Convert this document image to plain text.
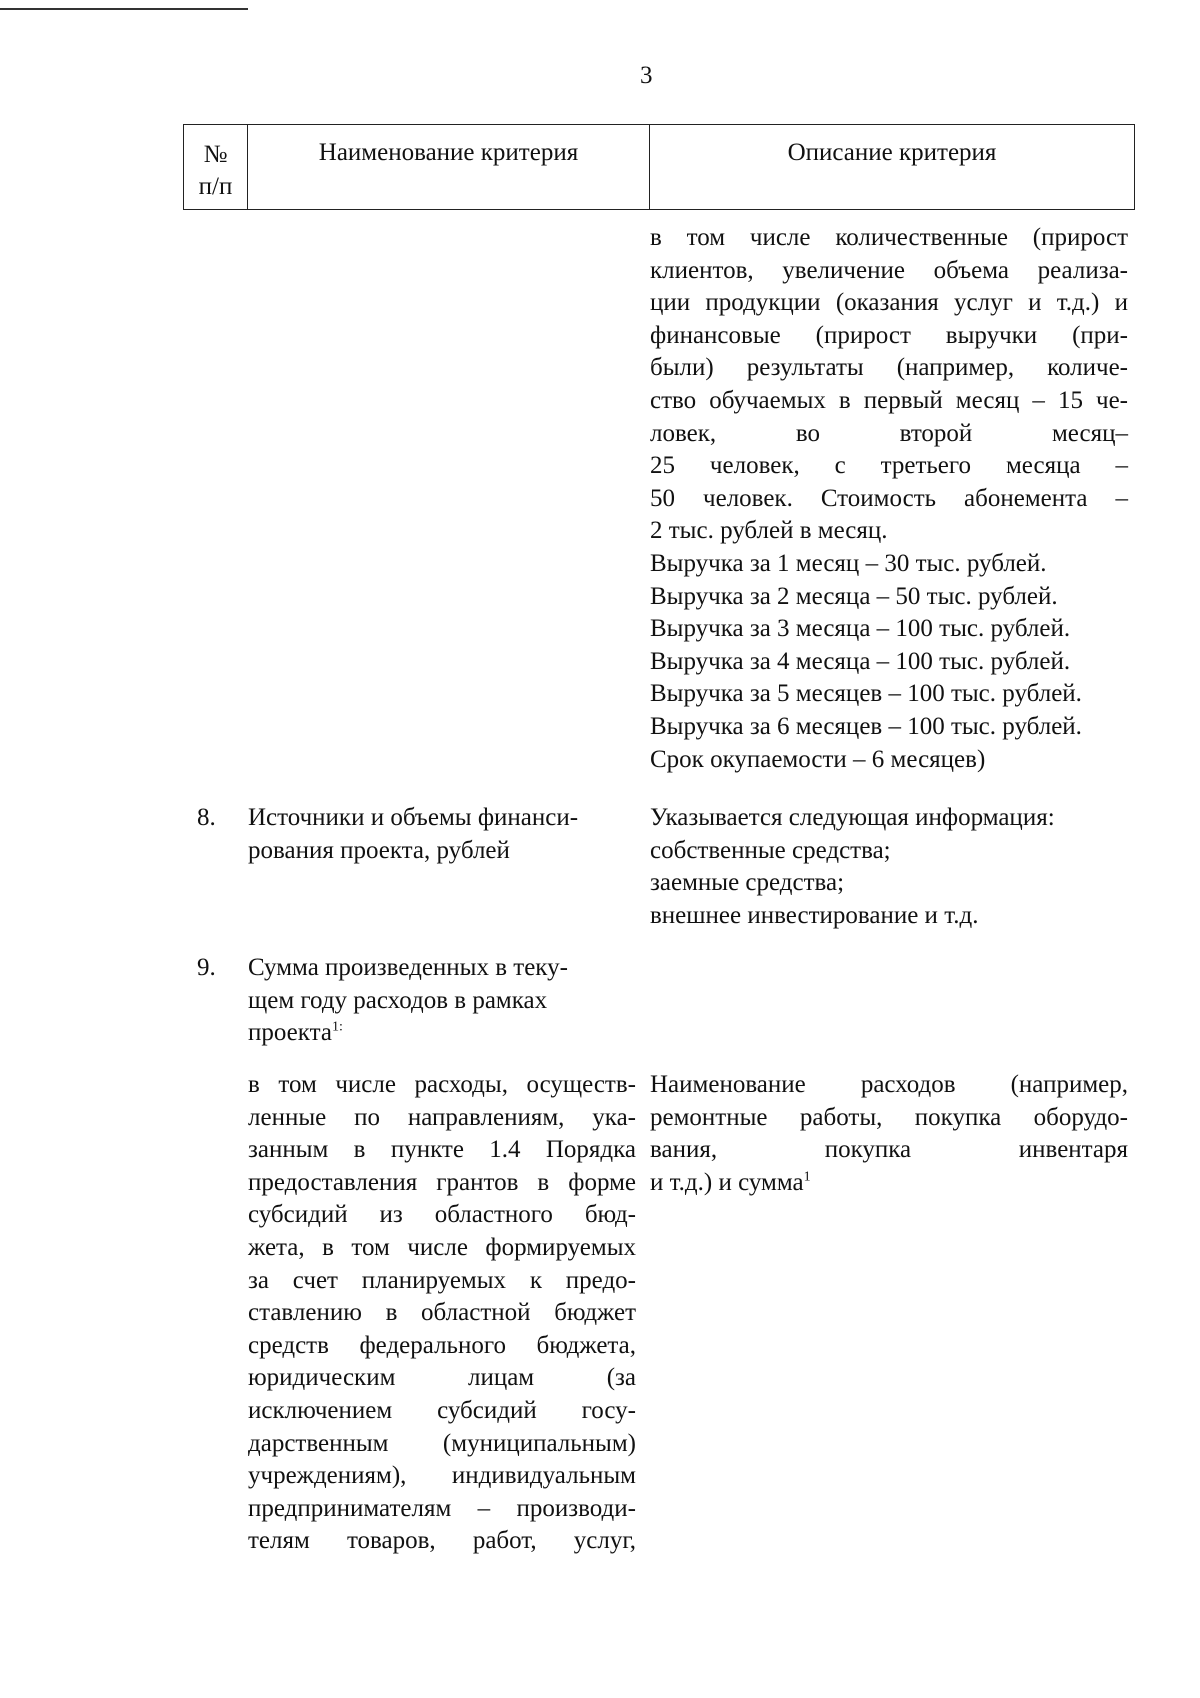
3
№
п/п
Наименование критерия	Описание критерия
в том числе количественные (прирост
клиентов, увеличение объема реализа-
ции продукции (оказания услуг и т.д.) и
финансовые (прирост выручки (при-
были) результаты (например, количе-
ство обучаемых в первый месяц – 15 че-
ловек, во второй месяц–
25 человек, с третьего месяца –
50 человек. Стоимость абонемента –
2 тыс. рублей в месяц.
Выручка за 1 месяц – 30 тыс. рублей.
Выручка за 2 месяца – 50 тыс. рублей.
Выручка за 3 месяца – 100 тыс. рублей.
Выручка за 4 месяца – 100 тыс. рублей.
Выручка за 5 месяцев – 100 тыс. рублей.
Выручка за 6 месяцев – 100 тыс. рублей.
Срок окупаемости – 6 месяцев)
8. Источники и объемы финанси-
рования проекта, рублей
Указывается следующая информация:
собственные средства;
заемные средства;
внешнее инвестирование и т.д.
9. Сумма произведенных в теку-
щем году расходов в рамках
проекта$^{1:}$
в том числе расходы, осуществ-
ленные по направлениям, ука-
занным в пункте 1.4 Порядка
предоставления грантов в форме
субсидий из областного бюд-
жета, в том числе формируемых
за счет планируемых к предо-
ставлению в областной бюджет
средств федерального бюджета,
юридическим лицам (за
исключением субсидий госу-
дарственным (муниципальным)
учреждениям), индивидуальным
предпринимателям – производи-
телям товаров, работ, услуг,
Наименование расходов (например,
ремонтные работы, покупка оборудо-
вания, покупка инвентаря
и т.д.) и сумма$^1$
